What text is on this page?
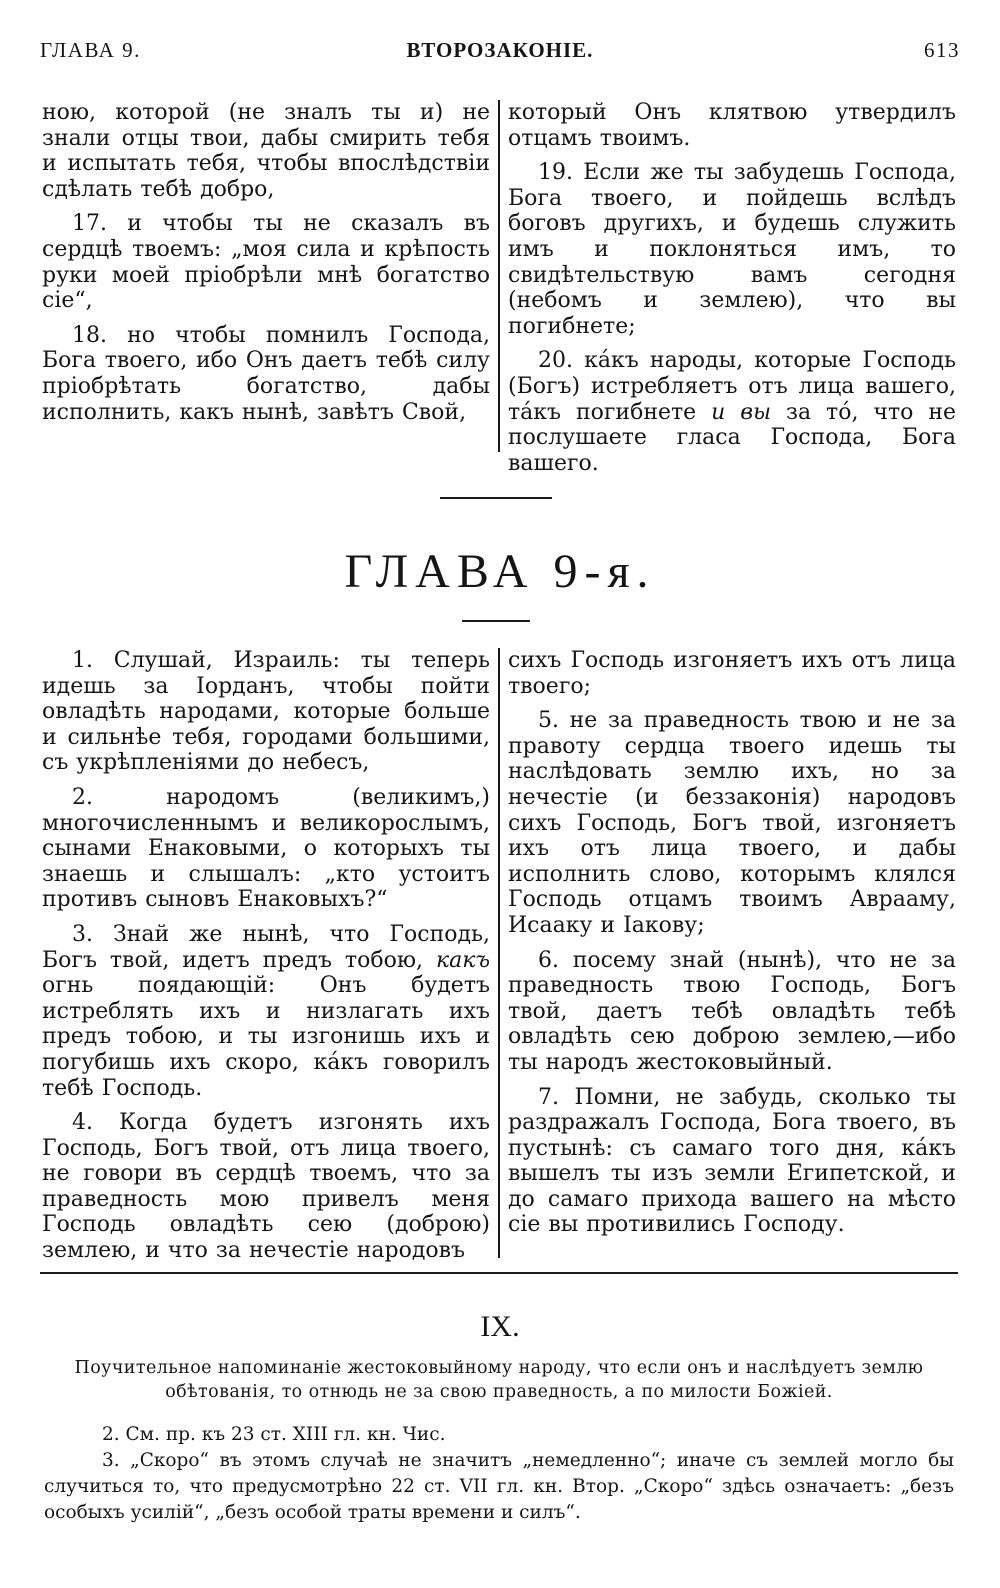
ГЛАВА 9.	ВТОРОЗАКОНІЕ.	613

ною, которой (не зналъ ты и) не знали отцы твои, дабы смирить тебя и испытать тебя, чтобы впослѣдствіи сдѣлать тебѣ добро,

17. и чтобы ты не сказалъ въ сердцѣ твоемъ: „моя сила и крѣпость руки моей пріобрѣли мнѣ богатство сіе“,

18. но чтобы помнилъ Господа, Бога твоего, ибо Онъ даетъ тебѣ силу пріобрѣтать богатство, дабы исполнить, какъ нынѣ, завѣтъ Свой,

который Онъ клятвою утвердилъ отцамъ твоимъ.

19. Если же ты забудешь Господа, Бога твоего, и пойдешь вслѣдъ боговъ другихъ, и будешь служить имъ и поклоняться имъ, то свидѣтельствую вамъ сегодня (небомъ и землею), что вы погибнете;

20. ка́къ народы, которые Господь (Богъ) истребляетъ отъ лица вашего, та́къ погибнете и вы за то́, что не послушаете гласа Господа, Бога вашего.

ГЛАВА 9-я.

1. Слушай, Израиль: ты теперь идешь за Іорданъ, чтобы пойти овладѣть народами, которые больше и сильнѣе тебя, городами большими, съ укрѣпленіями до небесъ,

2. народомъ (великимъ,) многочисленнымъ и великорослымъ, сынами Енаковыми, о которыхъ ты знаешь и слышалъ: „кто устоитъ противъ сыновъ Енаковыхъ?“

3. Знай же нынѣ, что Господь, Богъ твой, идетъ предъ тобою, какъ огнь поядающій: Онъ будетъ истреблять ихъ и низлагать ихъ предъ тобою, и ты изгонишь ихъ и погубишь ихъ скоро, ка́къ говорилъ тебѣ Господь.

4. Когда будетъ изгонять ихъ Господь, Богъ твой, отъ лица твоего, не говори въ сердцѣ твоемъ, что за праведность мою привелъ меня Господь овладѣть сею (доброю) землею, и что за нечестіе народовъ

сихъ Господь изгоняетъ ихъ отъ лица твоего;

5. не за праведность твою и не за правоту сердца твоего идешь ты наслѣдовать землю ихъ, но за нечестіе (и беззаконія) народовъ сихъ Господь, Богъ твой, изгоняетъ ихъ отъ лица твоего, и дабы исполнить слово, которымъ клялся Господь отцамъ твоимъ Аврааму, Исааку и Іакову;

6. посему знай (нынѣ), что не за праведность твою Господь, Богъ твой, даетъ тебѣ овладѣть тебѣ овладѣть сею доброю землею,—ибо ты народъ жестоковыйный.

7. Помни, не забудь, сколько ты раздражалъ Господа, Бога твоего, въ пустынѣ: съ самаго того дня, ка́къ вышелъ ты изъ земли Египетской, и до самаго прихода вашего на мѣсто сіе вы противились Господу.

IX.
Поучительное напоминаніе жестоковыйному народу, что если онъ и наслѣдуетъ землю обѣтованія, то отнюдь не за свою праведность, а по милости Божіей.

2. См. пр. къ 23 ст. XIII гл. кн. Чис.

3. „Скоро“ въ этомъ случаѣ не значитъ „немедленно“; иначе съ землей могло бы случиться то, что предусмотрѣно 22 ст. VII гл. кн. Втор. „Скоро“ здѣсь означаетъ: „безъ особыхъ усилій“, „безъ особой траты времени и силъ“.
